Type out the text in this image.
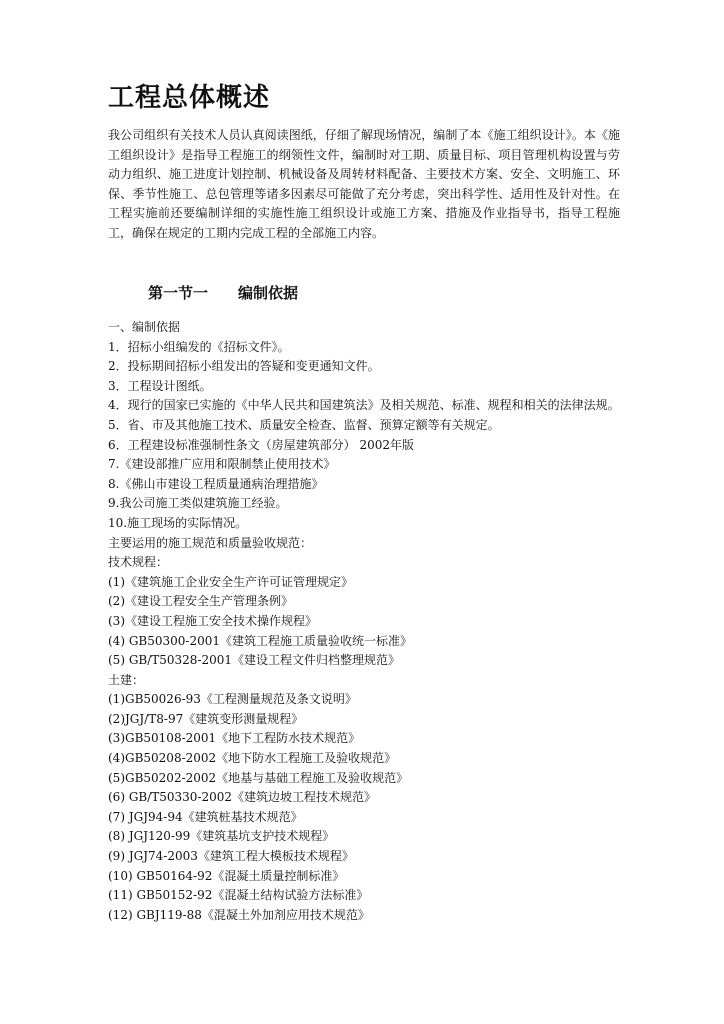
工程总体概述

我公司组织有关技术人员认真阅读图纸，仔细了解现场情况，编制了本《施工组织设计》。本《施工组织设计》是指导工程施工的纲领性文件，编制时对工期、质量目标、项目管理机构设置与劳动力组织、施工进度计划控制、机械设备及周转材料配备、主要技术方案、安全、文明施工、环保、季节性施工、总包管理等诸多因素尽可能做了充分考虑，突出科学性、适用性及针对性。在工程实施前还要编制详细的实施性施工组织设计或施工方案、措施及作业指导书，指导工程施工，确保在规定的工期内完成工程的全部施工内容。

第一节一　　编制依据
一、编制依据
1．招标小组编发的《招标文件》。
2．投标期间招标小组发出的答疑和变更通知文件。
3．工程设计图纸。
4．现行的国家已实施的《中华人民共和国建筑法》及相关规范、标准、规程和相关的法律法规。
5．省、市及其他施工技术、质量安全检查、监督、预算定额等有关规定。
6．工程建设标准强制性条文（房屋建筑部分） 2002年版
7.《建设部推广应用和限制禁止使用技术》
8.《佛山市建设工程质量通病治理措施》
9.我公司施工类似建筑施工经验。
10.施工现场的实际情况。
主要运用的施工规范和质量验收规范：
技术规程：
(1)《建筑施工企业安全生产许可证管理规定》
(2)《建设工程安全生产管理条例》
(3)《建设工程施工安全技术操作规程》
(4) GB50300-2001《建筑工程施工质量验收统一标准》
(5) GB/T50328-2001《建设工程文件归档整理规范》
土建：
(1)GB50026-93《工程测量规范及条文说明》
(2)JGJ/T8-97《建筑变形测量规程》
(3)GB50108-2001《地下工程防水技术规范》
(4)GB50208-2002《地下防水工程施工及验收规范》
(5)GB50202-2002《地基与基础工程施工及验收规范》
(6) GB/T50330-2002《建筑边坡工程技术规范》
(7) JGJ94-94《建筑桩基技术规范》
(8) JGJ120-99《建筑基坑支护技术规程》
(9) JGJ74-2003《建筑工程大模板技术规程》
(10) GB50164-92《混凝土质量控制标准》
(11) GB50152-92《混凝土结构试验方法标准》
(12) GBJ119-88《混凝土外加剂应用技术规范》
